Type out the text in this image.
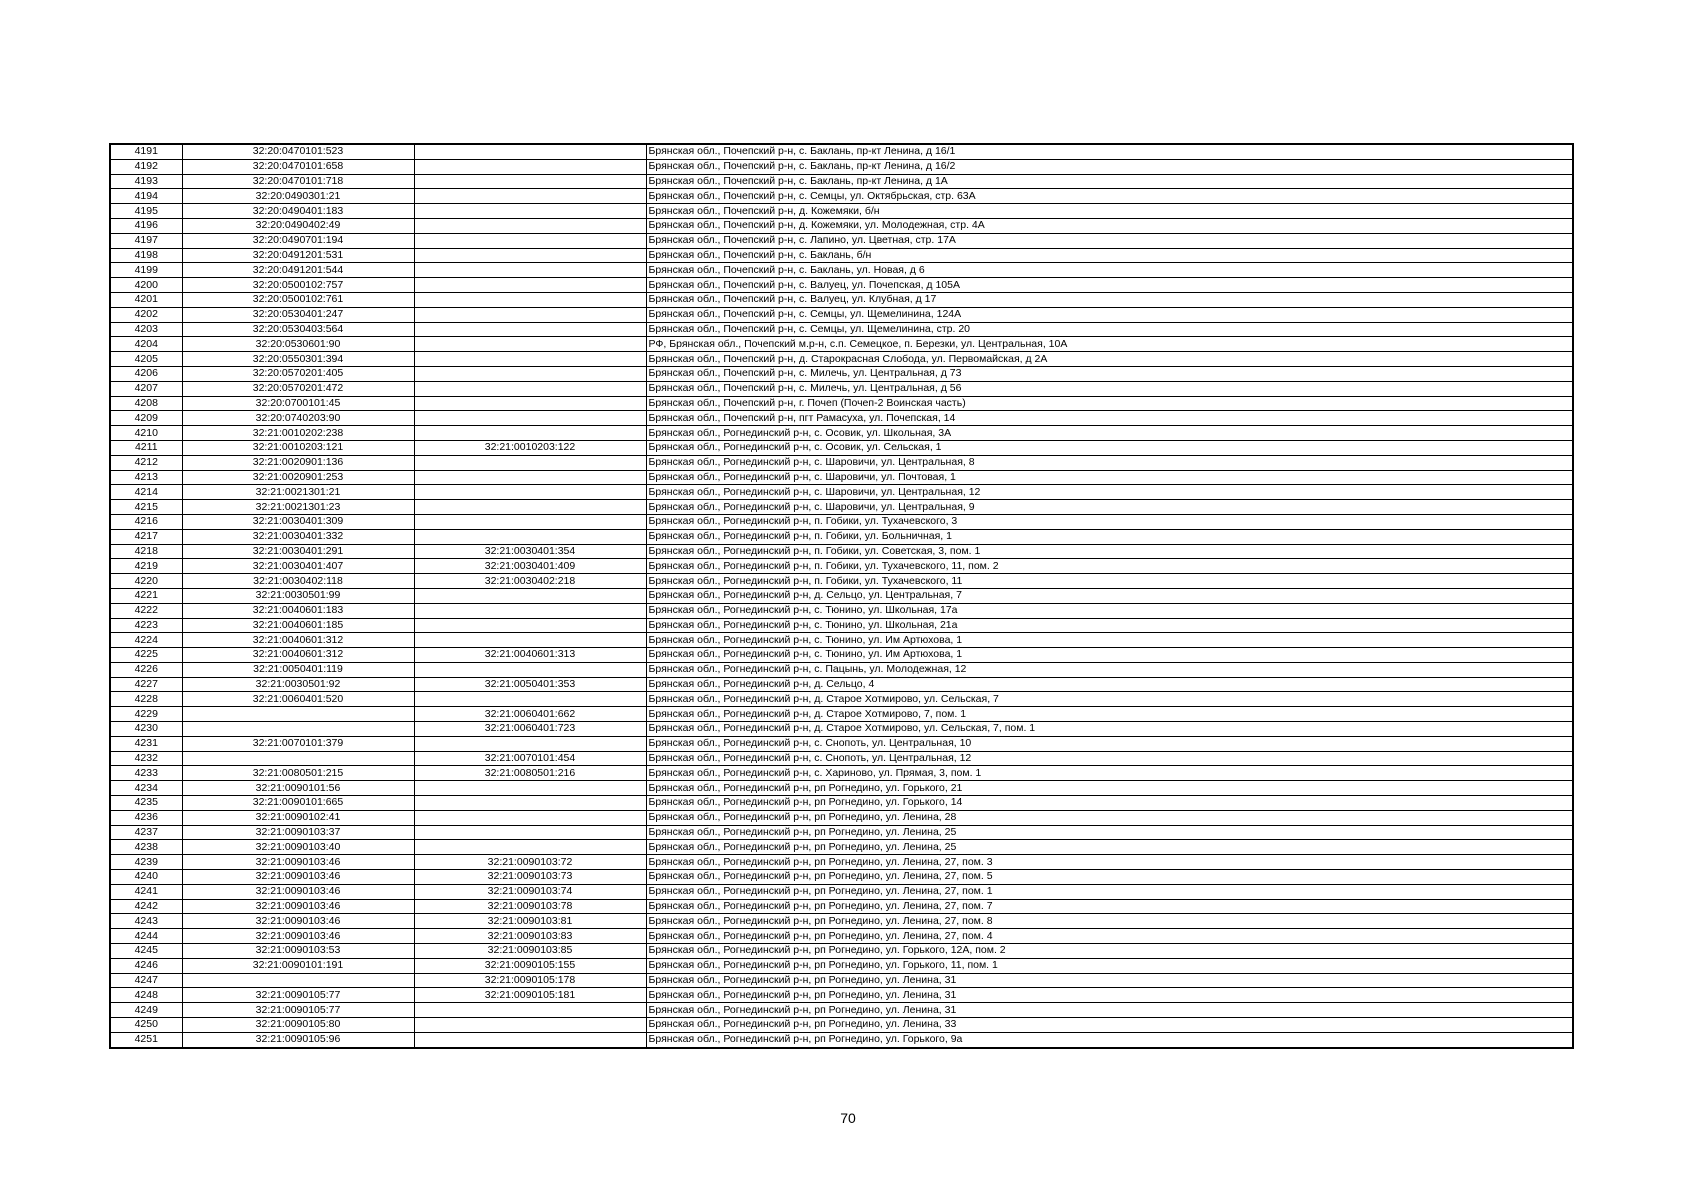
4191	32:20:0470101:523		Брянская обл., Почепский р-н, с. Баклань, пр-кт Ленина, д 16/1
4192	32:20:0470101:658		Брянская обл., Почепский р-н, с. Баклань, пр-кт Ленина, д 16/2
4193	32:20:0470101:718		Брянская обл., Почепский р-н, с. Баклань, пр-кт Ленина, д 1А
4194	32:20:0490301:21		Брянская обл., Почепский р-н, с. Семцы, ул. Октябрьская, стр. 63А
4195	32:20:0490401:183		Брянская обл., Почепский р-н, д. Кожемяки, б/н
4196	32:20:0490402:49		Брянская обл., Почепский р-н, д. Кожемяки, ул. Молодежная, стр. 4А
4197	32:20:0490701:194		Брянская обл., Почепский р-н, с. Лапино, ул. Цветная, стр. 17А
4198	32:20:0491201:531		Брянская обл., Почепский р-н, с. Баклань, б/н
4199	32:20:0491201:544		Брянская обл., Почепский р-н, с. Баклань, ул. Новая, д 6
4200	32:20:0500102:757		Брянская обл., Почепский р-н, с. Валуец, ул. Почепская, д 105А
4201	32:20:0500102:761		Брянская обл., Почепский р-н, с. Валуец, ул. Клубная, д 17
4202	32:20:0530401:247		Брянская обл., Почепский р-н, с. Семцы, ул. Щемелинина, 124А
4203	32:20:0530403:564		Брянская обл., Почепский р-н, с. Семцы, ул. Щемелинина, стр. 20
4204	32:20:0530601:90		РФ, Брянская обл., Почепский м.р-н, с.п. Семецкое, п. Березки, ул. Центральная, 10А
4205	32:20:0550301:394		Брянская обл., Почепский р-н, д. Старокрасная Слобода, ул. Первомайская, д 2А
4206	32:20:0570201:405		Брянская обл., Почепский р-н, с. Милечь, ул. Центральная, д 73
4207	32:20:0570201:472		Брянская обл., Почепский р-н, с. Милечь, ул. Центральная, д 56
4208	32:20:0700101:45		Брянская обл., Почепский р-н, г. Почеп (Почеп-2 Воинская часть)
4209	32:20:0740203:90		Брянская обл., Почепский р-н, пгт Рамасуха, ул. Почепская, 14
4210	32:21:0010202:238		Брянская обл., Рогнединский р-н, с. Осовик, ул. Школьная, 3А
4211	32:21:0010203:121	32:21:0010203:122	Брянская обл., Рогнединский р-н, с. Осовик, ул. Сельская, 1
4212	32:21:0020901:136		Брянская обл., Рогнединский р-н, с. Шаровичи, ул. Центральная, 8
4213	32:21:0020901:253		Брянская обл., Рогнединский р-н, с. Шаровичи, ул. Почтовая, 1
4214	32:21:0021301:21		Брянская обл., Рогнединский р-н, с. Шаровичи, ул. Центральная, 12
4215	32:21:0021301:23		Брянская обл., Рогнединский р-н, с. Шаровичи, ул. Центральная, 9
4216	32:21:0030401:309		Брянская обл., Рогнединский р-н, п. Гобики, ул. Тухачевского, 3
4217	32:21:0030401:332		Брянская обл., Рогнединский р-н, п. Гобики, ул. Больничная, 1
4218	32:21:0030401:291	32:21:0030401:354	Брянская обл., Рогнединский р-н, п. Гобики, ул. Советская, 3, пом. 1
4219	32:21:0030401:407	32:21:0030401:409	Брянская обл., Рогнединский р-н, п. Гобики, ул. Тухачевского, 11, пом. 2
4220	32:21:0030402:118	32:21:0030402:218	Брянская обл., Рогнединский р-н, п. Гобики, ул. Тухачевского, 11
4221	32:21:0030501:99		Брянская обл., Рогнединский р-н, д. Сельцо, ул. Центральная, 7
4222	32:21:0040601:183		Брянская обл., Рогнединский р-н, с. Тюнино, ул. Школьная, 17а
4223	32:21:0040601:185		Брянская обл., Рогнединский р-н, с. Тюнино, ул. Школьная, 21а
4224	32:21:0040601:312		Брянская обл., Рогнединский р-н, с. Тюнино, ул. Им Артюхова, 1
4225	32:21:0040601:312	32:21:0040601:313	Брянская обл., Рогнединский р-н, с. Тюнино, ул. Им Артюхова, 1
4226	32:21:0050401:119		Брянская обл., Рогнединский р-н, с. Пацынь, ул. Молодежная, 12
4227	32:21:0030501:92	32:21:0050401:353	Брянская обл., Рогнединский р-н, д. Сельцо, 4
4228	32:21:0060401:520		Брянская обл., Рогнединский р-н, д. Старое Хотмирово, ул. Сельская, 7
4229		32:21:0060401:662	Брянская обл., Рогнединский р-н, д. Старое Хотмирово, 7, пом. 1
4230		32:21:0060401:723	Брянская обл., Рогнединский р-н, д. Старое Хотмирово, ул. Сельская, 7, пом. 1
4231	32:21:0070101:379		Брянская обл., Рогнединский р-н, с. Снопоть, ул. Центральная, 10
4232		32:21:0070101:454	Брянская обл., Рогнединский р-н, с. Снопоть, ул. Центральная, 12
4233	32:21:0080501:215	32:21:0080501:216	Брянская обл., Рогнединский р-н, с. Хариново, ул. Прямая, 3, пом. 1
4234	32:21:0090101:56		Брянская обл., Рогнединский р-н, рп Рогнедино, ул. Горького, 21
4235	32:21:0090101:665		Брянская обл., Рогнединский р-н, рп Рогнедино, ул. Горького, 14
4236	32:21:0090102:41		Брянская обл., Рогнединский р-н, рп Рогнедино, ул. Ленина, 28
4237	32:21:0090103:37		Брянская обл., Рогнединский р-н, рп Рогнедино, ул. Ленина, 25
4238	32:21:0090103:40		Брянская обл., Рогнединский р-н, рп Рогнедино, ул. Ленина, 25
4239	32:21:0090103:46	32:21:0090103:72	Брянская обл., Рогнединский р-н, рп Рогнедино, ул. Ленина, 27, пом. 3
4240	32:21:0090103:46	32:21:0090103:73	Брянская обл., Рогнединский р-н, рп Рогнедино, ул. Ленина, 27, пом. 5
4241	32:21:0090103:46	32:21:0090103:74	Брянская обл., Рогнединский р-н, рп Рогнедино, ул. Ленина, 27, пом. 1
4242	32:21:0090103:46	32:21:0090103:78	Брянская обл., Рогнединский р-н, рп Рогнедино, ул. Ленина, 27, пом. 7
4243	32:21:0090103:46	32:21:0090103:81	Брянская обл., Рогнединский р-н, рп Рогнедино, ул. Ленина, 27, пом. 8
4244	32:21:0090103:46	32:21:0090103:83	Брянская обл., Рогнединский р-н, рп Рогнедино, ул. Ленина, 27, пом. 4
4245	32:21:0090103:53	32:21:0090103:85	Брянская обл., Рогнединский р-н, рп Рогнедино, ул. Горького, 12А, пом. 2
4246	32:21:0090101:191	32:21:0090105:155	Брянская обл., Рогнединский р-н, рп Рогнедино, ул. Горького, 11, пом. 1
4247		32:21:0090105:178	Брянская обл., Рогнединский р-н, рп Рогнедино, ул. Ленина, 31
4248	32:21:0090105:77	32:21:0090105:181	Брянская обл., Рогнединский р-н, рп Рогнедино, ул. Ленина, 31
4249	32:21:0090105:77		Брянская обл., Рогнединский р-н, рп Рогнедино, ул. Ленина, 31
4250	32:21:0090105:80		Брянская обл., Рогнединский р-н, рп Рогнедино, ул. Ленина, 33
4251	32:21:0090105:96		Брянская обл., Рогнединский р-н, рп Рогнедино, ул. Горького, 9а
70
